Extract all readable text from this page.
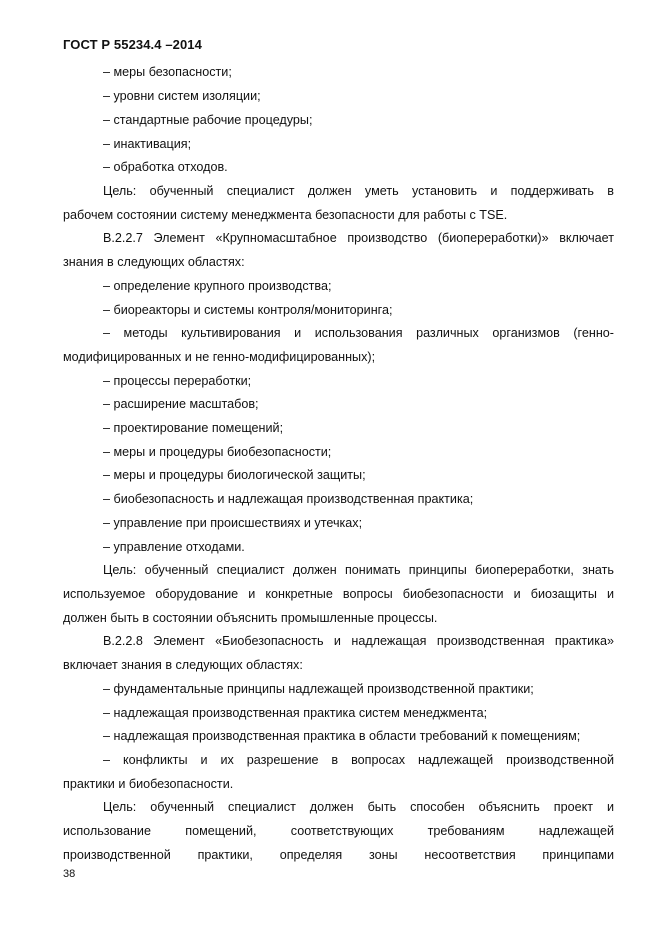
ГОСТ Р 55234.4 –2014
– меры безопасности;
– уровни систем изоляции;
– стандартные рабочие процедуры;
– инактивация;
– обработка отходов.
Цель: обученный специалист должен уметь установить и поддерживать в
рабочем состоянии систему менеджмента безопасности для работы с TSE.
B.2.2.7 Элемент «Крупномасштабное производство (биопереработки)» включает
знания в следующих областях:
– определение крупного производства;
– биореакторы и системы контроля/мониторинга;
– методы культивирования и использования различных организмов (генно-
модифицированных и не генно-модифицированных);
– процессы переработки;
– расширение масштабов;
– проектирование помещений;
– меры и процедуры биобезопасности;
– меры и процедуры биологической защиты;
– биобезопасность и надлежащая производственная практика;
– управление при происшествиях и утечках;
– управление отходами.
Цель: обученный специалист должен понимать принципы биопереработки, знать
используемое оборудование и конкретные вопросы биобезопасности и биозащиты и
должен быть в состоянии объяснить промышленные процессы.
B.2.2.8 Элемент «Биобезопасность и надлежащая производственная практика»
включает знания в следующих областях:
– фундаментальные принципы надлежащей производственной практики;
– надлежащая производственная практика систем менеджмента;
– надлежащая производственная практика в области требований к помещениям;
– конфликты и их разрешение в вопросах надлежащей производственной
практики и биобезопасности.
Цель: обученный специалист должен быть способен объяснить проект и
использование помещений, соответствующих требованиям надлежащей
производственной практики, определяя зоны несоответствия принципами
38
